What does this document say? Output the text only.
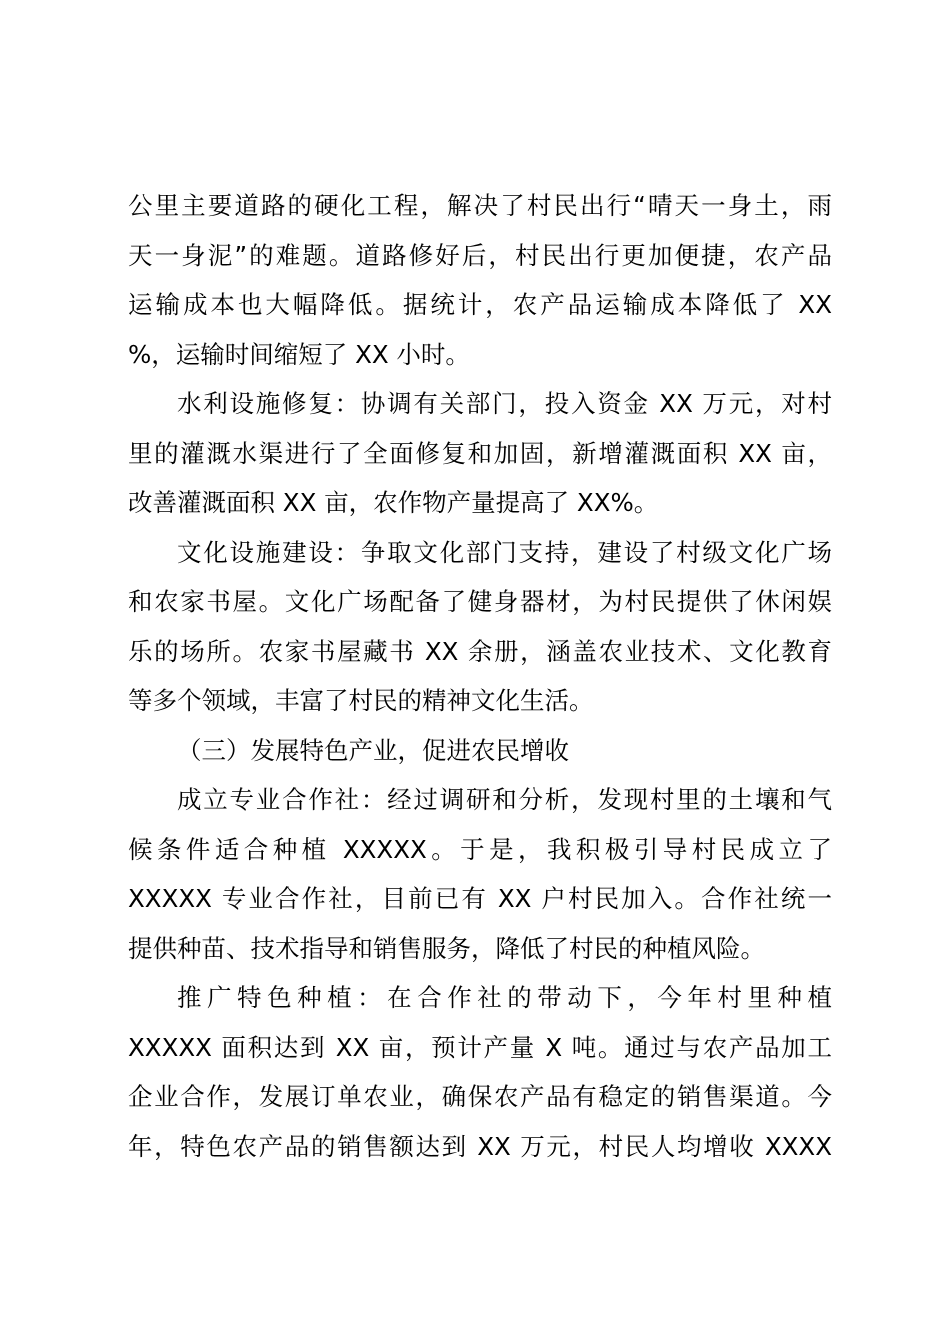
公里主要道路的硬化工程，解决了村民出行“晴天一身土，雨
天一身泥”的难题。道路修好后，村民出行更加便捷，农产品
运输成本也大幅降低。据统计，农产品运输成本降低了 XX
%，运输时间缩短了 XX 小时。
水利设施修复：协调有关部门，投入资金 XX 万元，对村
里的灌溉水渠进行了全面修复和加固，新增灌溉面积 XX 亩，
改善灌溉面积 XX 亩，农作物产量提高了 XX%。
文化设施建设：争取文化部门支持，建设了村级文化广场
和农家书屋。文化广场配备了健身器材，为村民提供了休闲娱
乐的场所。农家书屋藏书 XX 余册，涵盖农业技术、文化教育
等多个领域，丰富了村民的精神文化生活。
（三）发展特色产业，促进农民增收
成立专业合作社：经过调研和分析，发现村里的土壤和气
候条件适合种植 XXXXX。于是，我积极引导村民成立了
XXXXX 专业合作社，目前已有 XX 户村民加入。合作社统一
提供种苗、技术指导和销售服务，降低了村民的种植风险。
推广特色种植：在合作社的带动下，今年村里种植
XXXXX 面积达到 XX 亩，预计产量 X 吨。通过与农产品加工
企业合作，发展订单农业，确保农产品有稳定的销售渠道。今
年，特色农产品的销售额达到 XX 万元，村民人均增收 XXXX
